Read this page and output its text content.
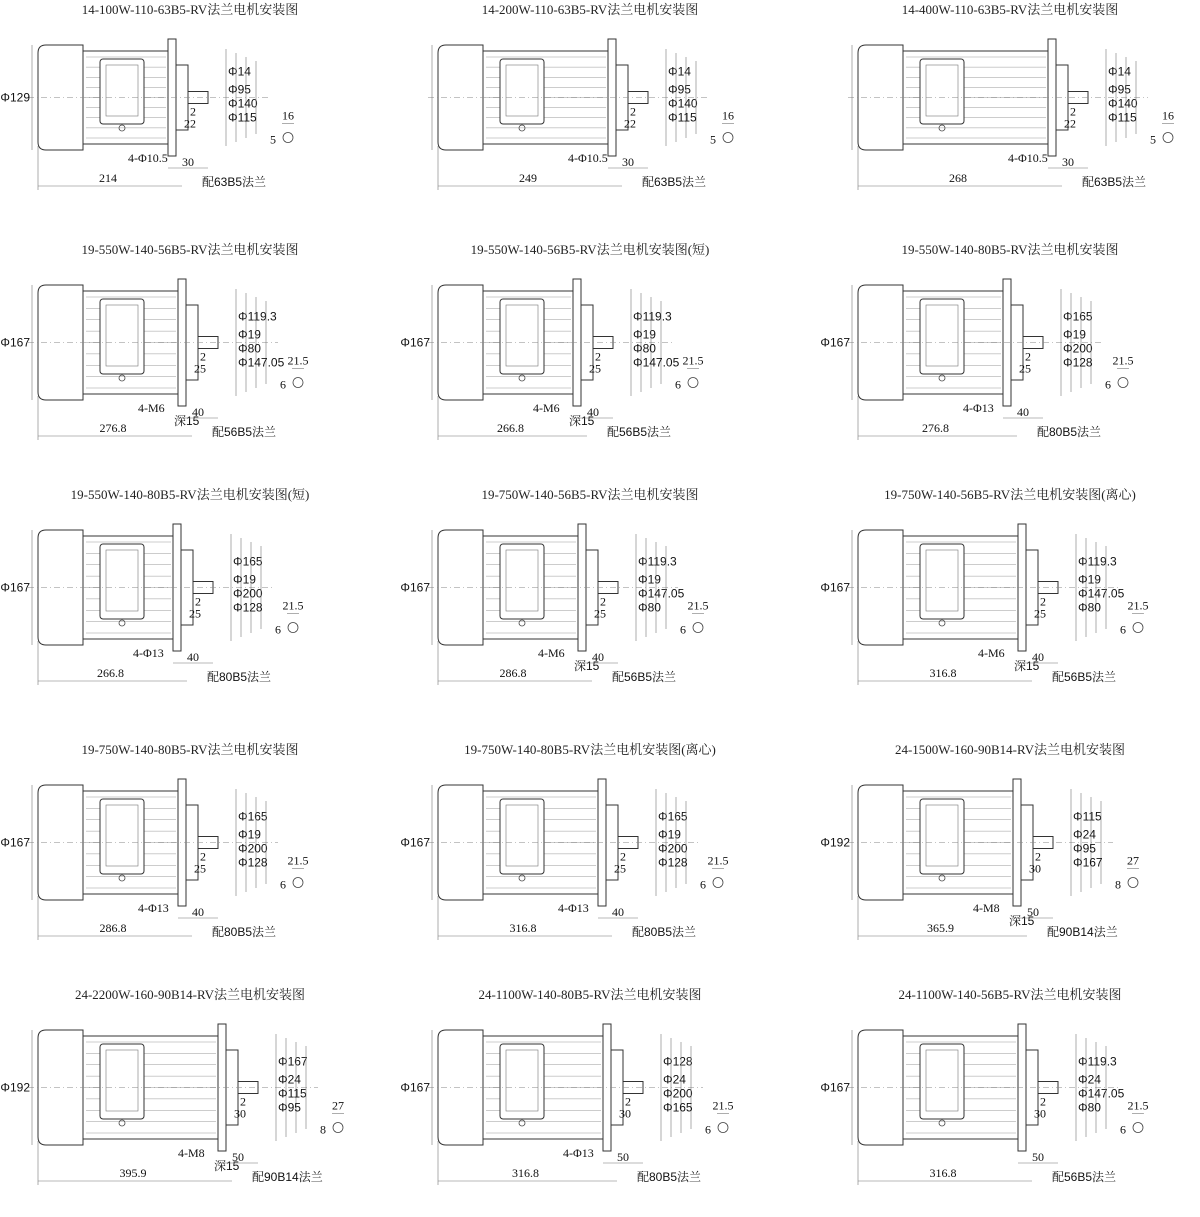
14-100W-110-63B5-RV法兰电机安装图
Φ129
Φ14
Φ95
Φ140
Φ115
2
22
16
5
4-Φ10.5 30
214	配63B5法兰
14-200W-110-63B5-RV法兰电机安装图
Φ14
Φ95
Φ140
Φ115
2
22
16
5
4-Φ10.5 30
249	配63B5法兰
14-400W-110-63B5-RV法兰电机安装图
Φ14
Φ95
Φ140
Φ115
2
22
16
5
4-Φ10.5 30
268	配63B5法兰
19-550W-140-56B5-RV法兰电机安装图
Φ167
Φ119.3
Φ19
Φ80
Φ147.05
2
25
21.5
6
4-M6
深15
40
276.8	配56B5法兰
19-550W-140-56B5-RV法兰电机安装图(短)
Φ167
Φ119.3
Φ19
Φ80
Φ147.05
2
25
21.5
6
4-M6
深15
40
266.8	配56B5法兰
19-550W-140-80B5-RV法兰电机安装图
Φ167
Φ165
Φ19
Φ200
Φ128
2
25
21.5
6
4-Φ13 40
276.8	配80B5法兰
19-550W-140-80B5-RV法兰电机安装图(短)
Φ167
Φ165
Φ19
Φ200
Φ128
2
25
21.5
6
4-Φ13 40
266.8	配80B5法兰
19-750W-140-56B5-RV法兰电机安装图
Φ167
Φ119.3
Φ19
Φ147.05
Φ80
2
25
21.5
6
4-M6
深15
40
286.8	配56B5法兰
19-750W-140-56B5-RV法兰电机安装图(离心)
Φ167
Φ119.3
Φ19
Φ147.05
Φ80
2
25
21.5
6
4-M6
深15
40
316.8	配56B5法兰
19-750W-140-80B5-RV法兰电机安装图
Φ167
Φ165
Φ19
Φ200
Φ128
2
25
21.5
6
4-Φ13 40
286.8	配80B5法兰
19-750W-140-80B5-RV法兰电机安装图(离心)
Φ167
Φ165
Φ19
Φ200
Φ128
2
25
21.5
6
4-Φ13 40
316.8	配80B5法兰
24-1500W-160-90B14-RV法兰电机安装图
Φ192
Φ115
Φ24
Φ95
Φ167
2
30
27
8
4-M8
深15
50
365.9	配90B14法兰
24-2200W-160-90B14-RV法兰电机安装图
Φ192
Φ167
Φ24
Φ115
Φ95
2
30
27
8
4-M8
深15
50
395.9	配90B14法兰
24-1100W-140-80B5-RV法兰电机安装图
Φ167
Φ128
Φ24
Φ200
Φ165
2
30
21.5
6
4-Φ13 50
316.8	配80B5法兰
24-1100W-140-56B5-RV法兰电机安装图
Φ167
Φ119.3
Φ24
Φ147.05
Φ80
2
30
21.5
6
50
316.8	配56B5法兰
